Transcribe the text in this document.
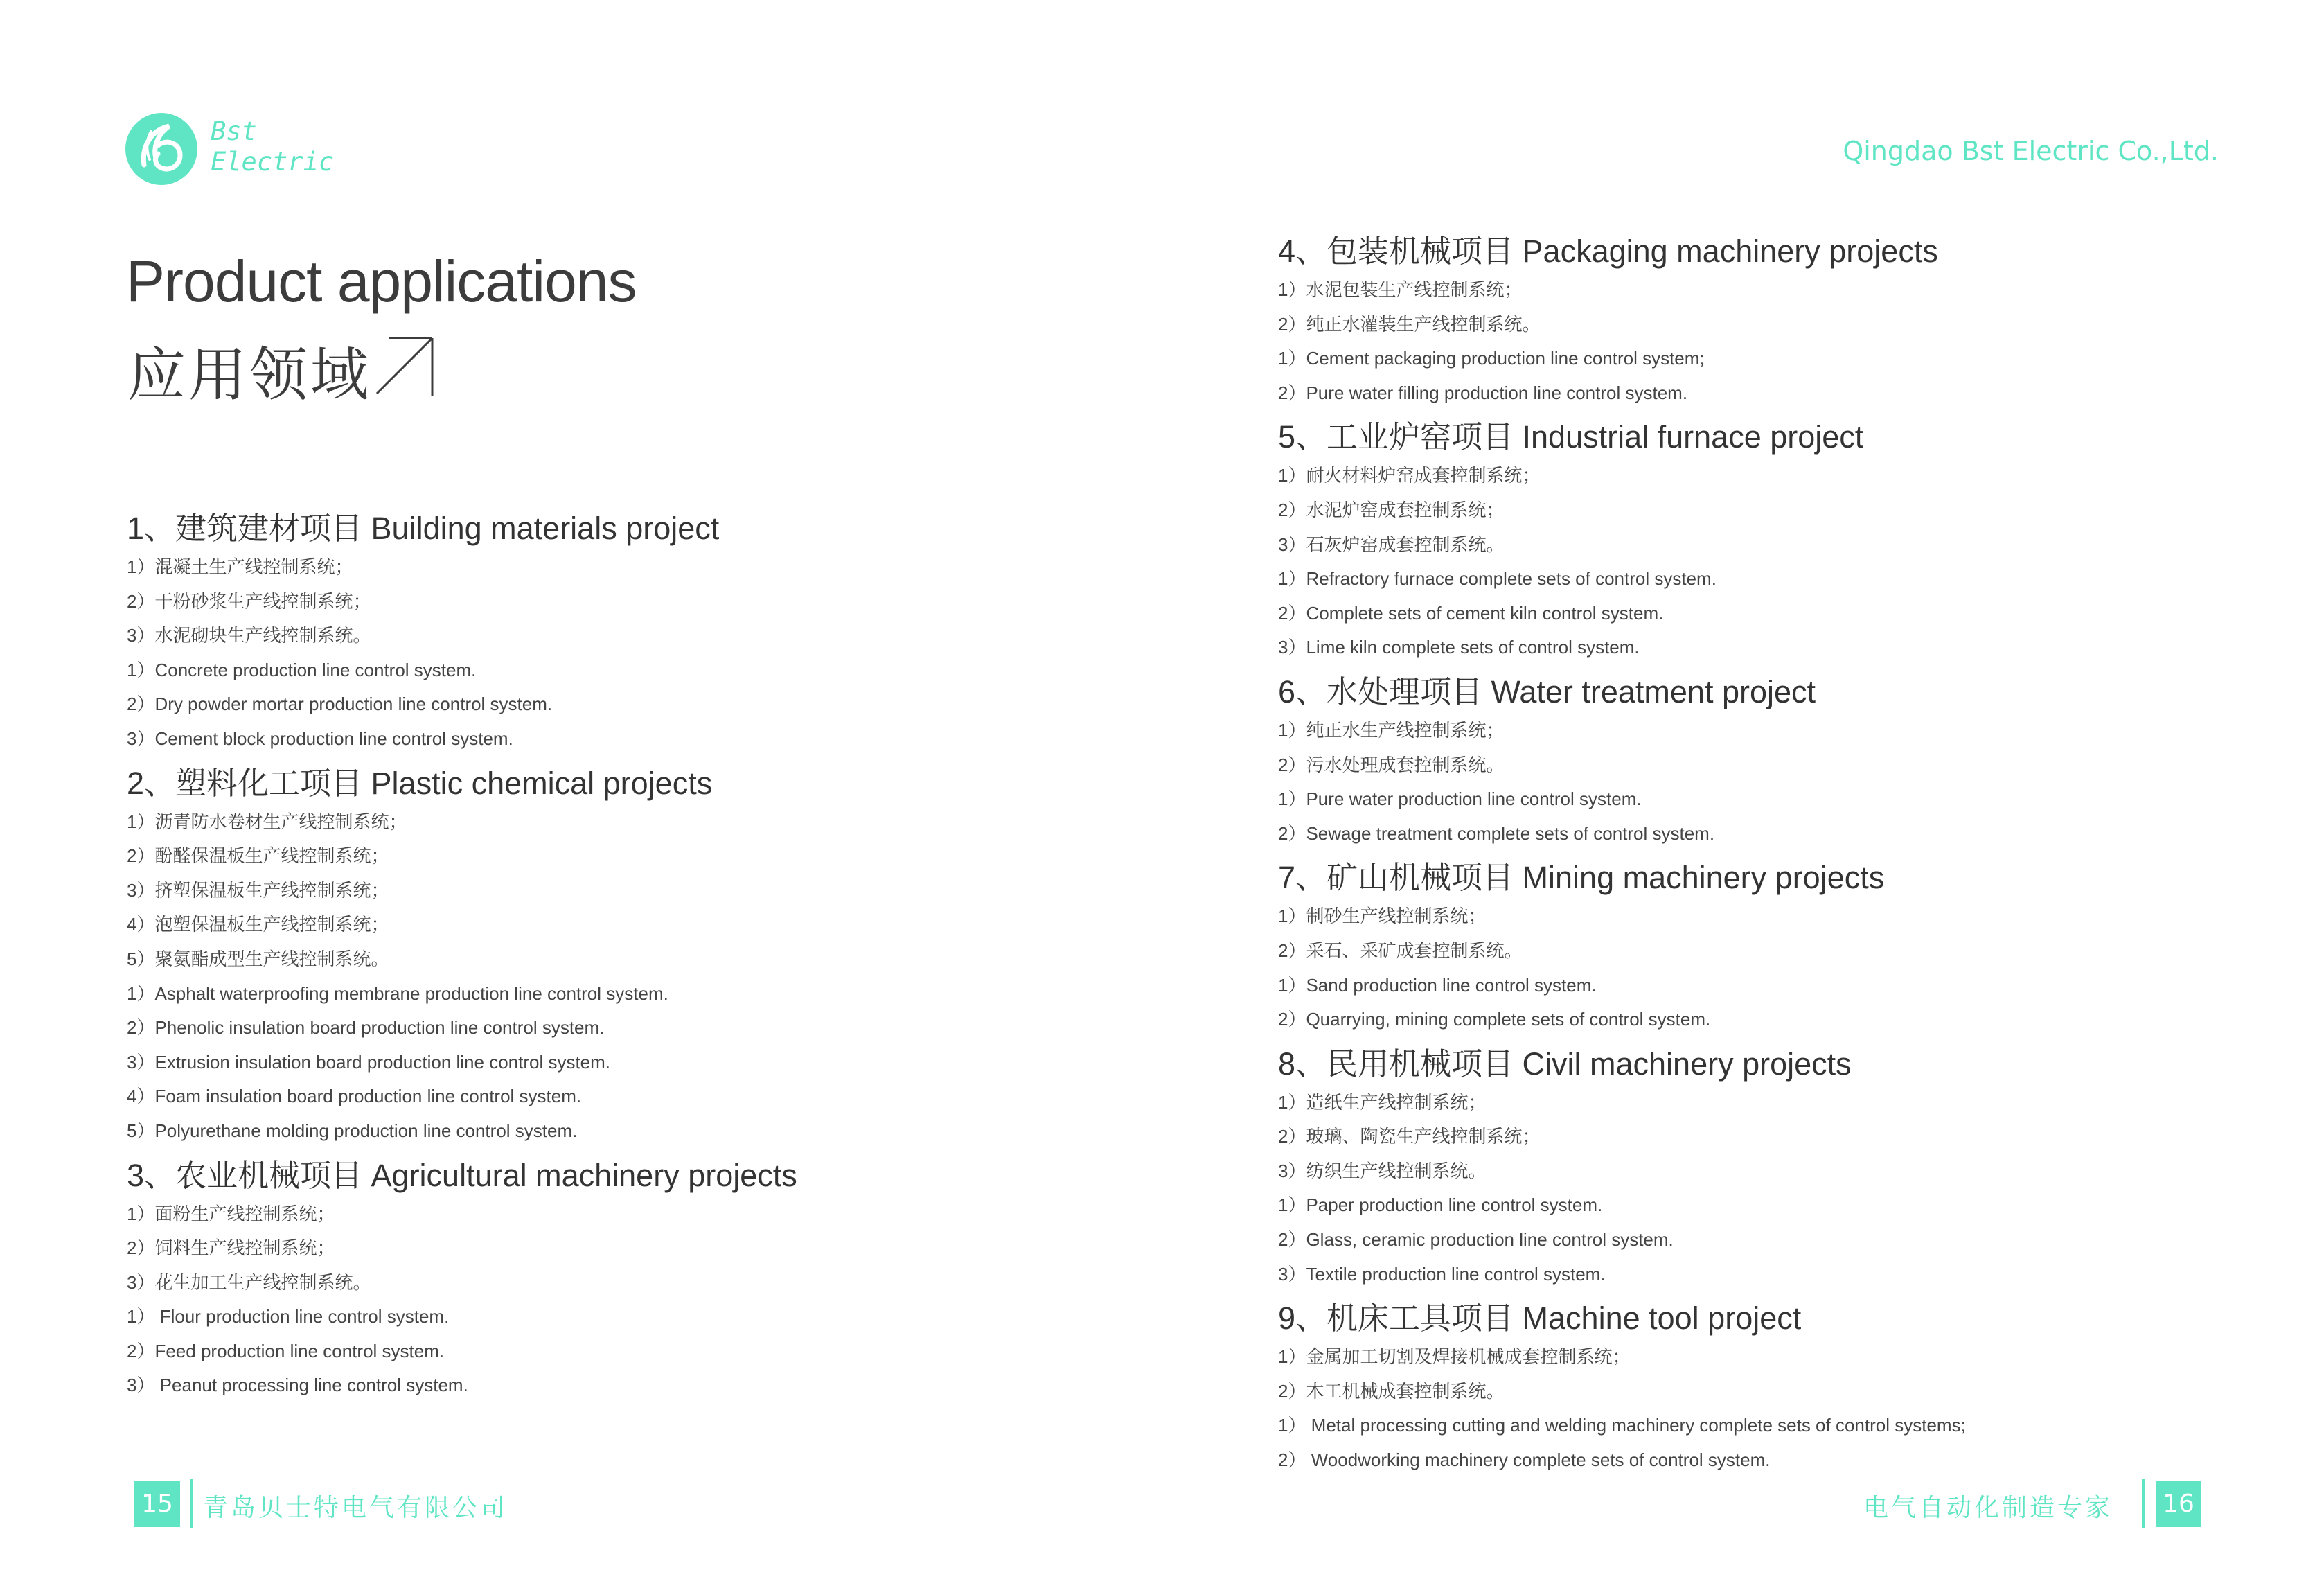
Bst
Electric	Qingdao Bst Electric Co.,Ltd.
Product applications
应用领域
1、建筑建材项目 Building materials project
1）混凝土生产线控制系统；
2）干粉砂浆生产线控制系统；
3）水泥砌块生产线控制系统。
1）Concrete production line control system.
2）Dry powder mortar production line control system.
3）Cement block production line control system.
2、塑料化工项目 Plastic chemical projects
1）沥青防水卷材生产线控制系统；
2）酚醛保温板生产线控制系统；
3）挤塑保温板生产线控制系统；
4）泡塑保温板生产线控制系统；
5）聚氨酯成型生产线控制系统。
1）Asphalt waterproofing membrane production line control system.
2）Phenolic insulation board production line control system.
3）Extrusion insulation board production line control system.
4）Foam insulation board production line control system.
5）Polyurethane molding production line control system.
3、农业机械项目 Agricultural machinery projects
1）面粉生产线控制系统；
2）饲料生产线控制系统；
3）花生加工生产线控制系统。
1） Flour production line control system.
2）Feed production line control system.
3） Peanut processing line control system.
4、包装机械项目 Packaging machinery projects
1）水泥包装生产线控制系统；
2）纯正水灌装生产线控制系统。
1）Cement packaging production line control system;
2）Pure water filling production line control system.
5、工业炉窑项目 Industrial furnace project
1）耐火材料炉窑成套控制系统；
2）水泥炉窑成套控制系统；
3）石灰炉窑成套控制系统。
1）Refractory furnace complete sets of control system.
2）Complete sets of cement kiln control system.
3）Lime kiln complete sets of control system.
6、水处理项目 Water treatment project
1）纯正水生产线控制系统；
2）污水处理成套控制系统。
1）Pure water production line control system.
2）Sewage treatment complete sets of control system.
7、矿山机械项目 Mining machinery projects
1）制砂生产线控制系统；
2）采石、采矿成套控制系统。
1）Sand production line control system.
2）Quarrying, mining complete sets of control system.
8、民用机械项目 Civil machinery projects
1）造纸生产线控制系统；
2）玻璃、陶瓷生产线控制系统；
3）纺织生产线控制系统。
1）Paper production line control system.
2）Glass, ceramic production line control system.
3）Textile production line control system.
9、机床工具项目 Machine tool project
1）金属加工切割及焊接机械成套控制系统；
2）木工机械成套控制系统。
1） Metal processing cutting and welding machinery complete sets of control systems;
2） Woodworking machinery complete sets of control system.
15 青岛贝士特电气有限公司	电气自动化制造专家 16
